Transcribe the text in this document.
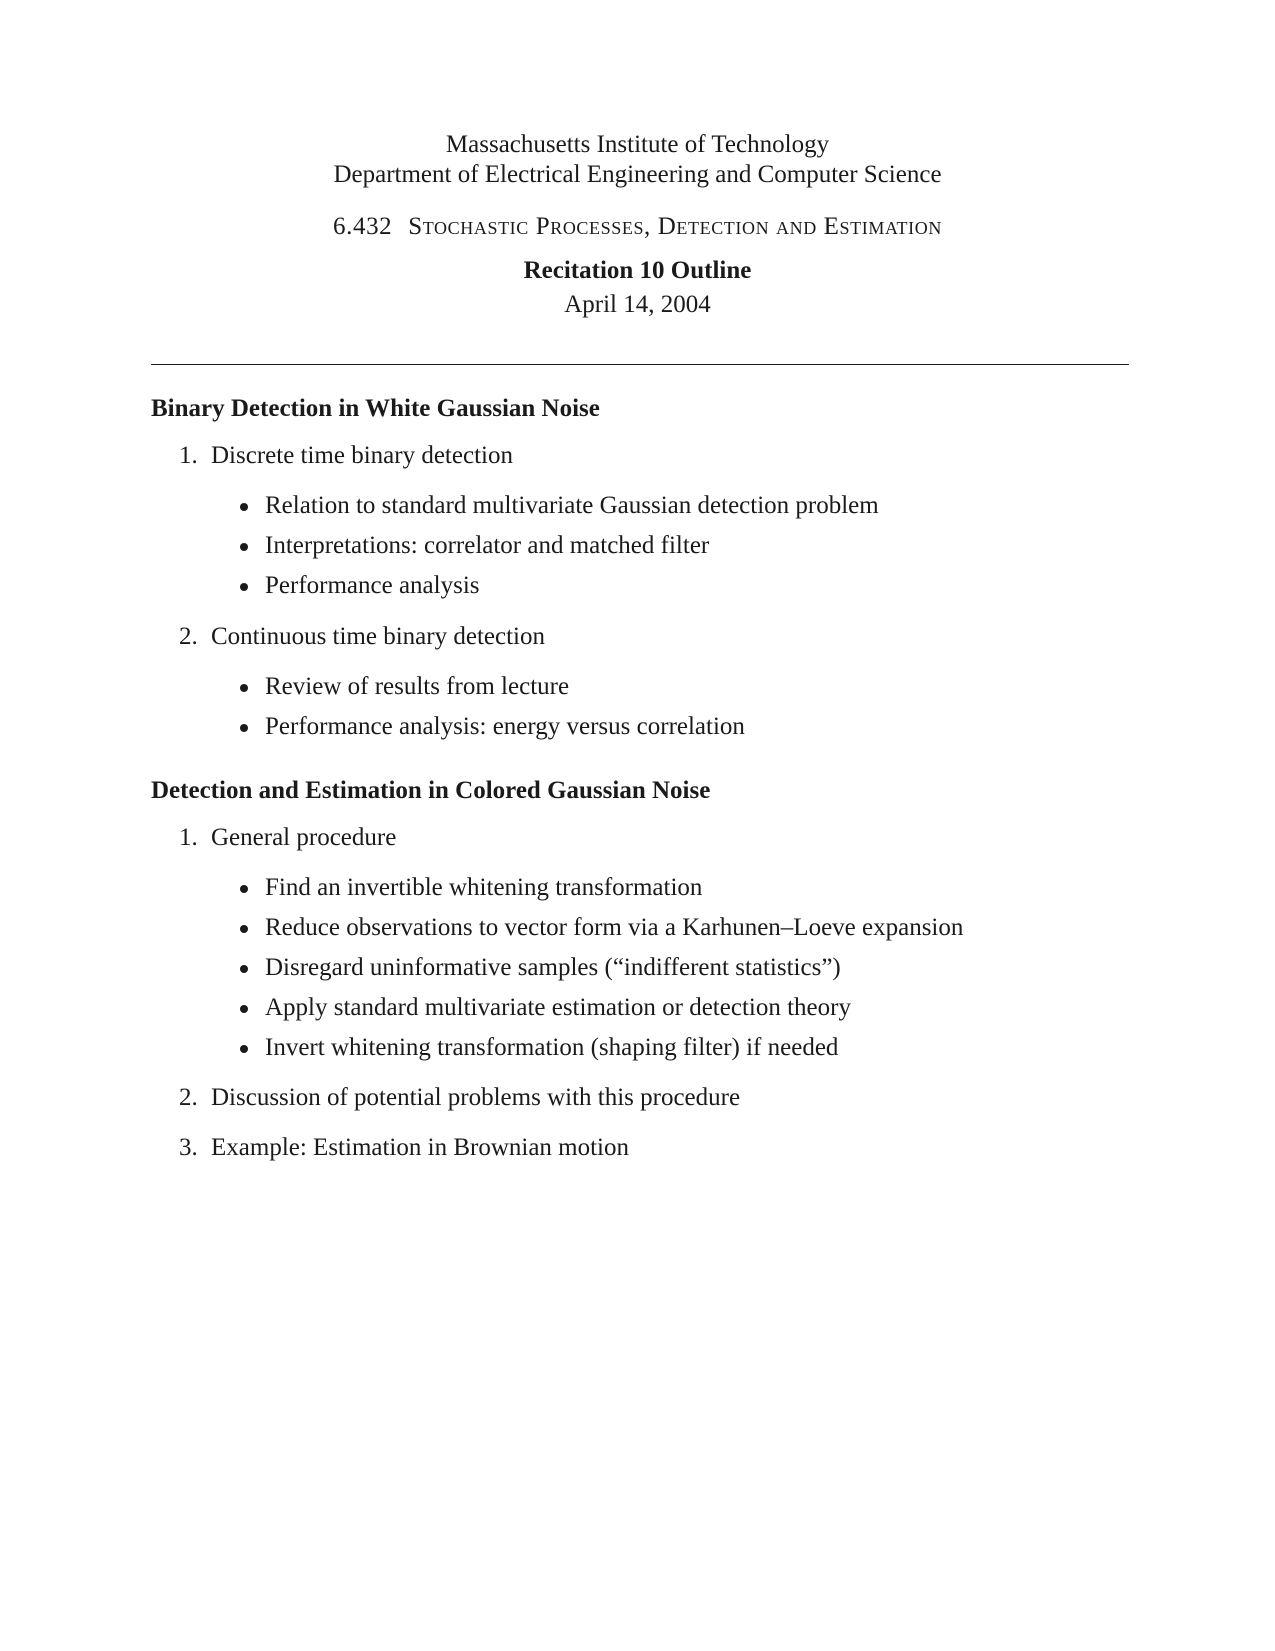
Massachusetts Institute of Technology
Department of Electrical Engineering and Computer Science
6.432 Stochastic Processes, Detection and Estimation
Recitation 10 Outline
April 14, 2004
Binary Detection in White Gaussian Noise
1. Discrete time binary detection
Relation to standard multivariate Gaussian detection problem
Interpretations: correlator and matched filter
Performance analysis
2. Continuous time binary detection
Review of results from lecture
Performance analysis: energy versus correlation
Detection and Estimation in Colored Gaussian Noise
1. General procedure
Find an invertible whitening transformation
Reduce observations to vector form via a Karhunen–Loeve expansion
Disregard uninformative samples (“indifferent statistics”)
Apply standard multivariate estimation or detection theory
Invert whitening transformation (shaping filter) if needed
2. Discussion of potential problems with this procedure
3. Example: Estimation in Brownian motion
